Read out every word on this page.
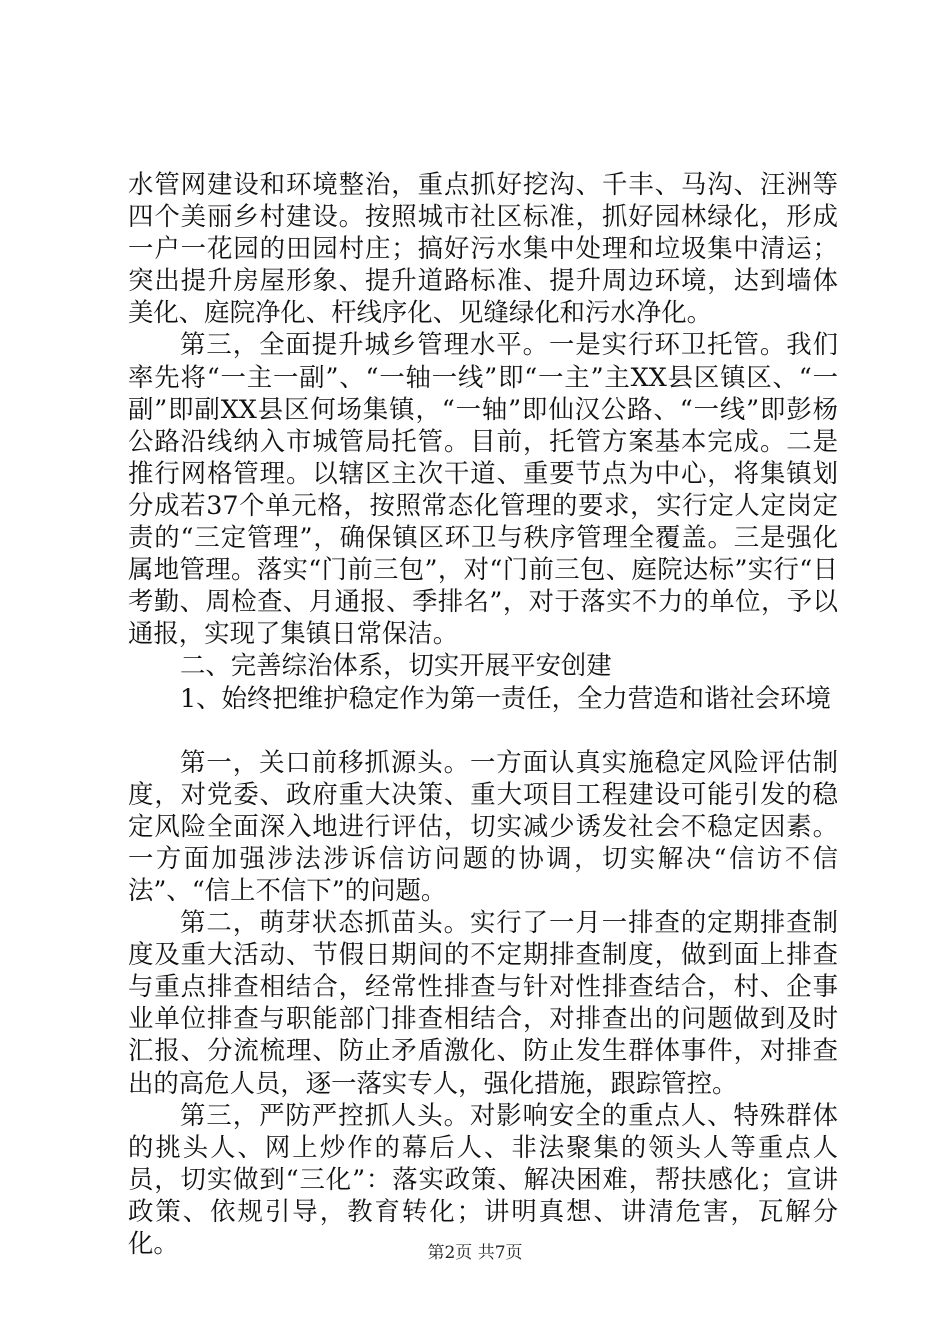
水管网建设和环境整治，重点抓好挖沟、千丰、马沟、汪洲等四个美丽乡村建设。按照城市社区标准，抓好园林绿化，形成一户一花园的田园村庄；搞好污水集中处理和垃圾集中清运；突出提升房屋形象、提升道路标准、提升周边环境，达到墙体美化、庭院净化、杆线序化、见缝绿化和污水净化。

第三，全面提升城乡管理水平。一是实行环卫托管。我们率先将“一主一副”、“一轴一线”即“一主”主XX县区镇区、“一副”即副XX县区何场集镇，“一轴”即仙汉公路、“一线”即彭杨公路沿线纳入市城管局托管。目前，托管方案基本完成。二是推行网格管理。以辖区主次干道、重要节点为中心，将集镇划分成若37个单元格，按照常态化管理的要求，实行定人定岗定责的“三定管理”，确保镇区环卫与秩序管理全覆盖。三是强化属地管理。落实“门前三包”，对“门前三包、庭院达标”实行“日考勤、周检查、月通报、季排名”，对于落实不力的单位，予以通报，实现了集镇日常保洁。

二、完善综治体系，切实开展平安创建

1、始终把维护稳定作为第一责任，全力营造和谐社会环境

第一，关口前移抓源头。一方面认真实施稳定风险评估制度，对党委、政府重大决策、重大项目工程建设可能引发的稳定风险全面深入地进行评估，切实减少诱发社会不稳定因素。一方面加强涉法涉诉信访问题的协调，切实解决“信访不信法”、“信上不信下”的问题。

第二，萌芽状态抓苗头。实行了一月一排查的定期排查制度及重大活动、节假日期间的不定期排查制度，做到面上排查与重点排查相结合，经常性排查与针对性排查结合，村、企事业单位排查与职能部门排查相结合，对排查出的问题做到及时汇报、分流梳理、防止矛盾激化、防止发生群体事件，对排查出的高危人员，逐一落实专人，强化措施，跟踪管控。

第三，严防严控抓人头。对影响安全的重点人、特殊群体的挑头人、网上炒作的幕后人、非法聚集的领头人等重点人员，切实做到“三化”：落实政策、解决困难，帮扶感化；宣讲政策、依规引导，教育转化；讲明真想、讲清危害，瓦解分化。	第2页 共7页
